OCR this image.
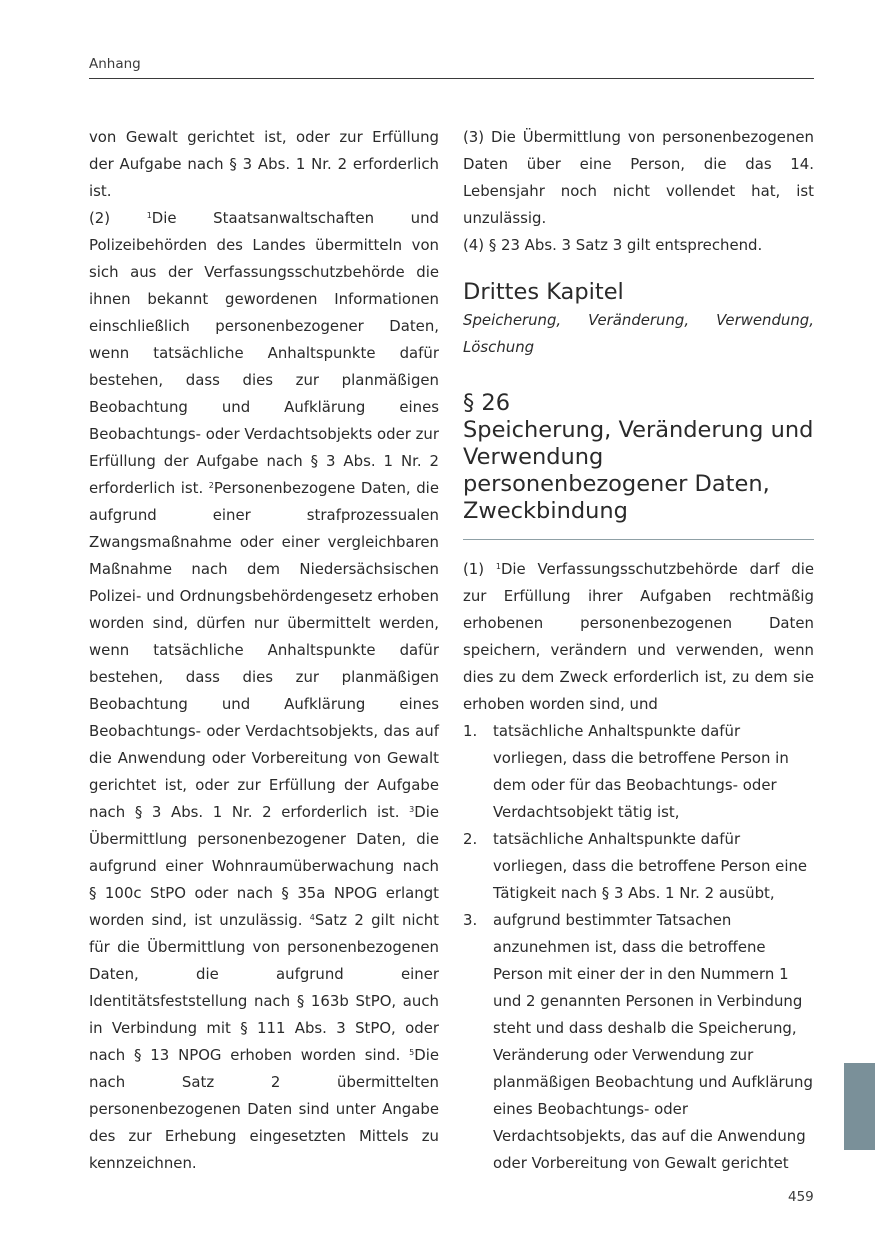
Anhang

von Gewalt gerichtet ist, oder zur Erfüllung der Aufgabe nach § 3 Abs. 1 Nr. 2 erforderlich ist.

(2) $^1$Die Staatsanwaltschaften und Polizeibehörden des Landes übermitteln von sich aus der Verfassungsschutzbehörde die ihnen bekannt gewordenen Informationen einschließlich personenbezogener Daten, wenn tatsächliche Anhaltspunkte dafür bestehen, dass dies zur planmäßigen Beobachtung und Aufklärung eines Beobachtungs- oder Verdachtsobjekts oder zur Erfüllung der Aufgabe nach § 3 Abs. 1 Nr. 2 erforderlich ist. $^2$Personenbezogene Daten, die aufgrund einer strafprozessualen Zwangsmaßnahme oder einer vergleichbaren Maßnahme nach dem Niedersächsischen Polizei- und Ordnungsbehördengesetz erhoben worden sind, dürfen nur übermittelt werden, wenn tatsächliche Anhaltspunkte dafür bestehen, dass dies zur planmäßigen Beobachtung und Aufklärung eines Beobachtungs- oder Verdachtsobjekts, das auf die Anwendung oder Vorbereitung von Gewalt gerichtet ist, oder zur Erfüllung der Aufgabe nach § 3 Abs. 1 Nr. 2 erforderlich ist. $^3$Die Übermittlung personenbezogener Daten, die aufgrund einer Wohnraumüberwachung nach § 100c StPO oder nach § 35a NPOG erlangt worden sind, ist unzulässig. $^4$Satz 2 gilt nicht für die Übermittlung von personenbezogenen Daten, die aufgrund einer Identitätsfeststellung nach § 163b StPO, auch in Verbindung mit § 111 Abs. 3 StPO, oder nach § 13 NPOG erhoben worden sind. $^5$Die nach Satz 2 übermittelten personenbezogenen Daten sind unter Angabe des zur Erhebung eingesetzten Mittels zu kennzeichnen.

(3) Die Übermittlung von personenbezogenen Daten über eine Person, die das 14. Lebensjahr noch nicht vollendet hat, ist unzulässig.

(4) § 23 Abs. 3 Satz 3 gilt entsprechend.

Drittes Kapitel
Speicherung, Veränderung, Verwendung, Löschung
§ 26
Speicherung, Veränderung und Verwendung personenbezogener Daten, Zweckbindung

(1) $^1$Die Verfassungsschutzbehörde darf die zur Erfüllung ihrer Aufgaben rechtmäßig erhobenen personenbezogenen Daten speichern, verändern und verwenden, wenn dies zu dem Zweck erforderlich ist, zu dem sie erhoben worden sind, und

1.	tatsächliche Anhaltspunkte dafür vorliegen, dass die betroffene Person in dem oder für das Beobachtungs- oder Verdachtsobjekt tätig ist,
2.	tatsächliche Anhaltspunkte dafür vorliegen, dass die betroffene Person eine Tätigkeit nach § 3 Abs. 1 Nr. 2 ausübt,
3.	aufgrund bestimmter Tatsachen anzunehmen ist, dass die betroffene Person mit einer der in den Nummern 1 und 2 genannten Personen in Verbindung steht und dass deshalb die Speicherung, Veränderung oder Verwendung zur planmäßigen Beobachtung und Aufklärung eines Beobachtungs- oder Verdachtsobjekts, das auf die Anwendung oder Vorbereitung von Gewalt gerichtet
459
